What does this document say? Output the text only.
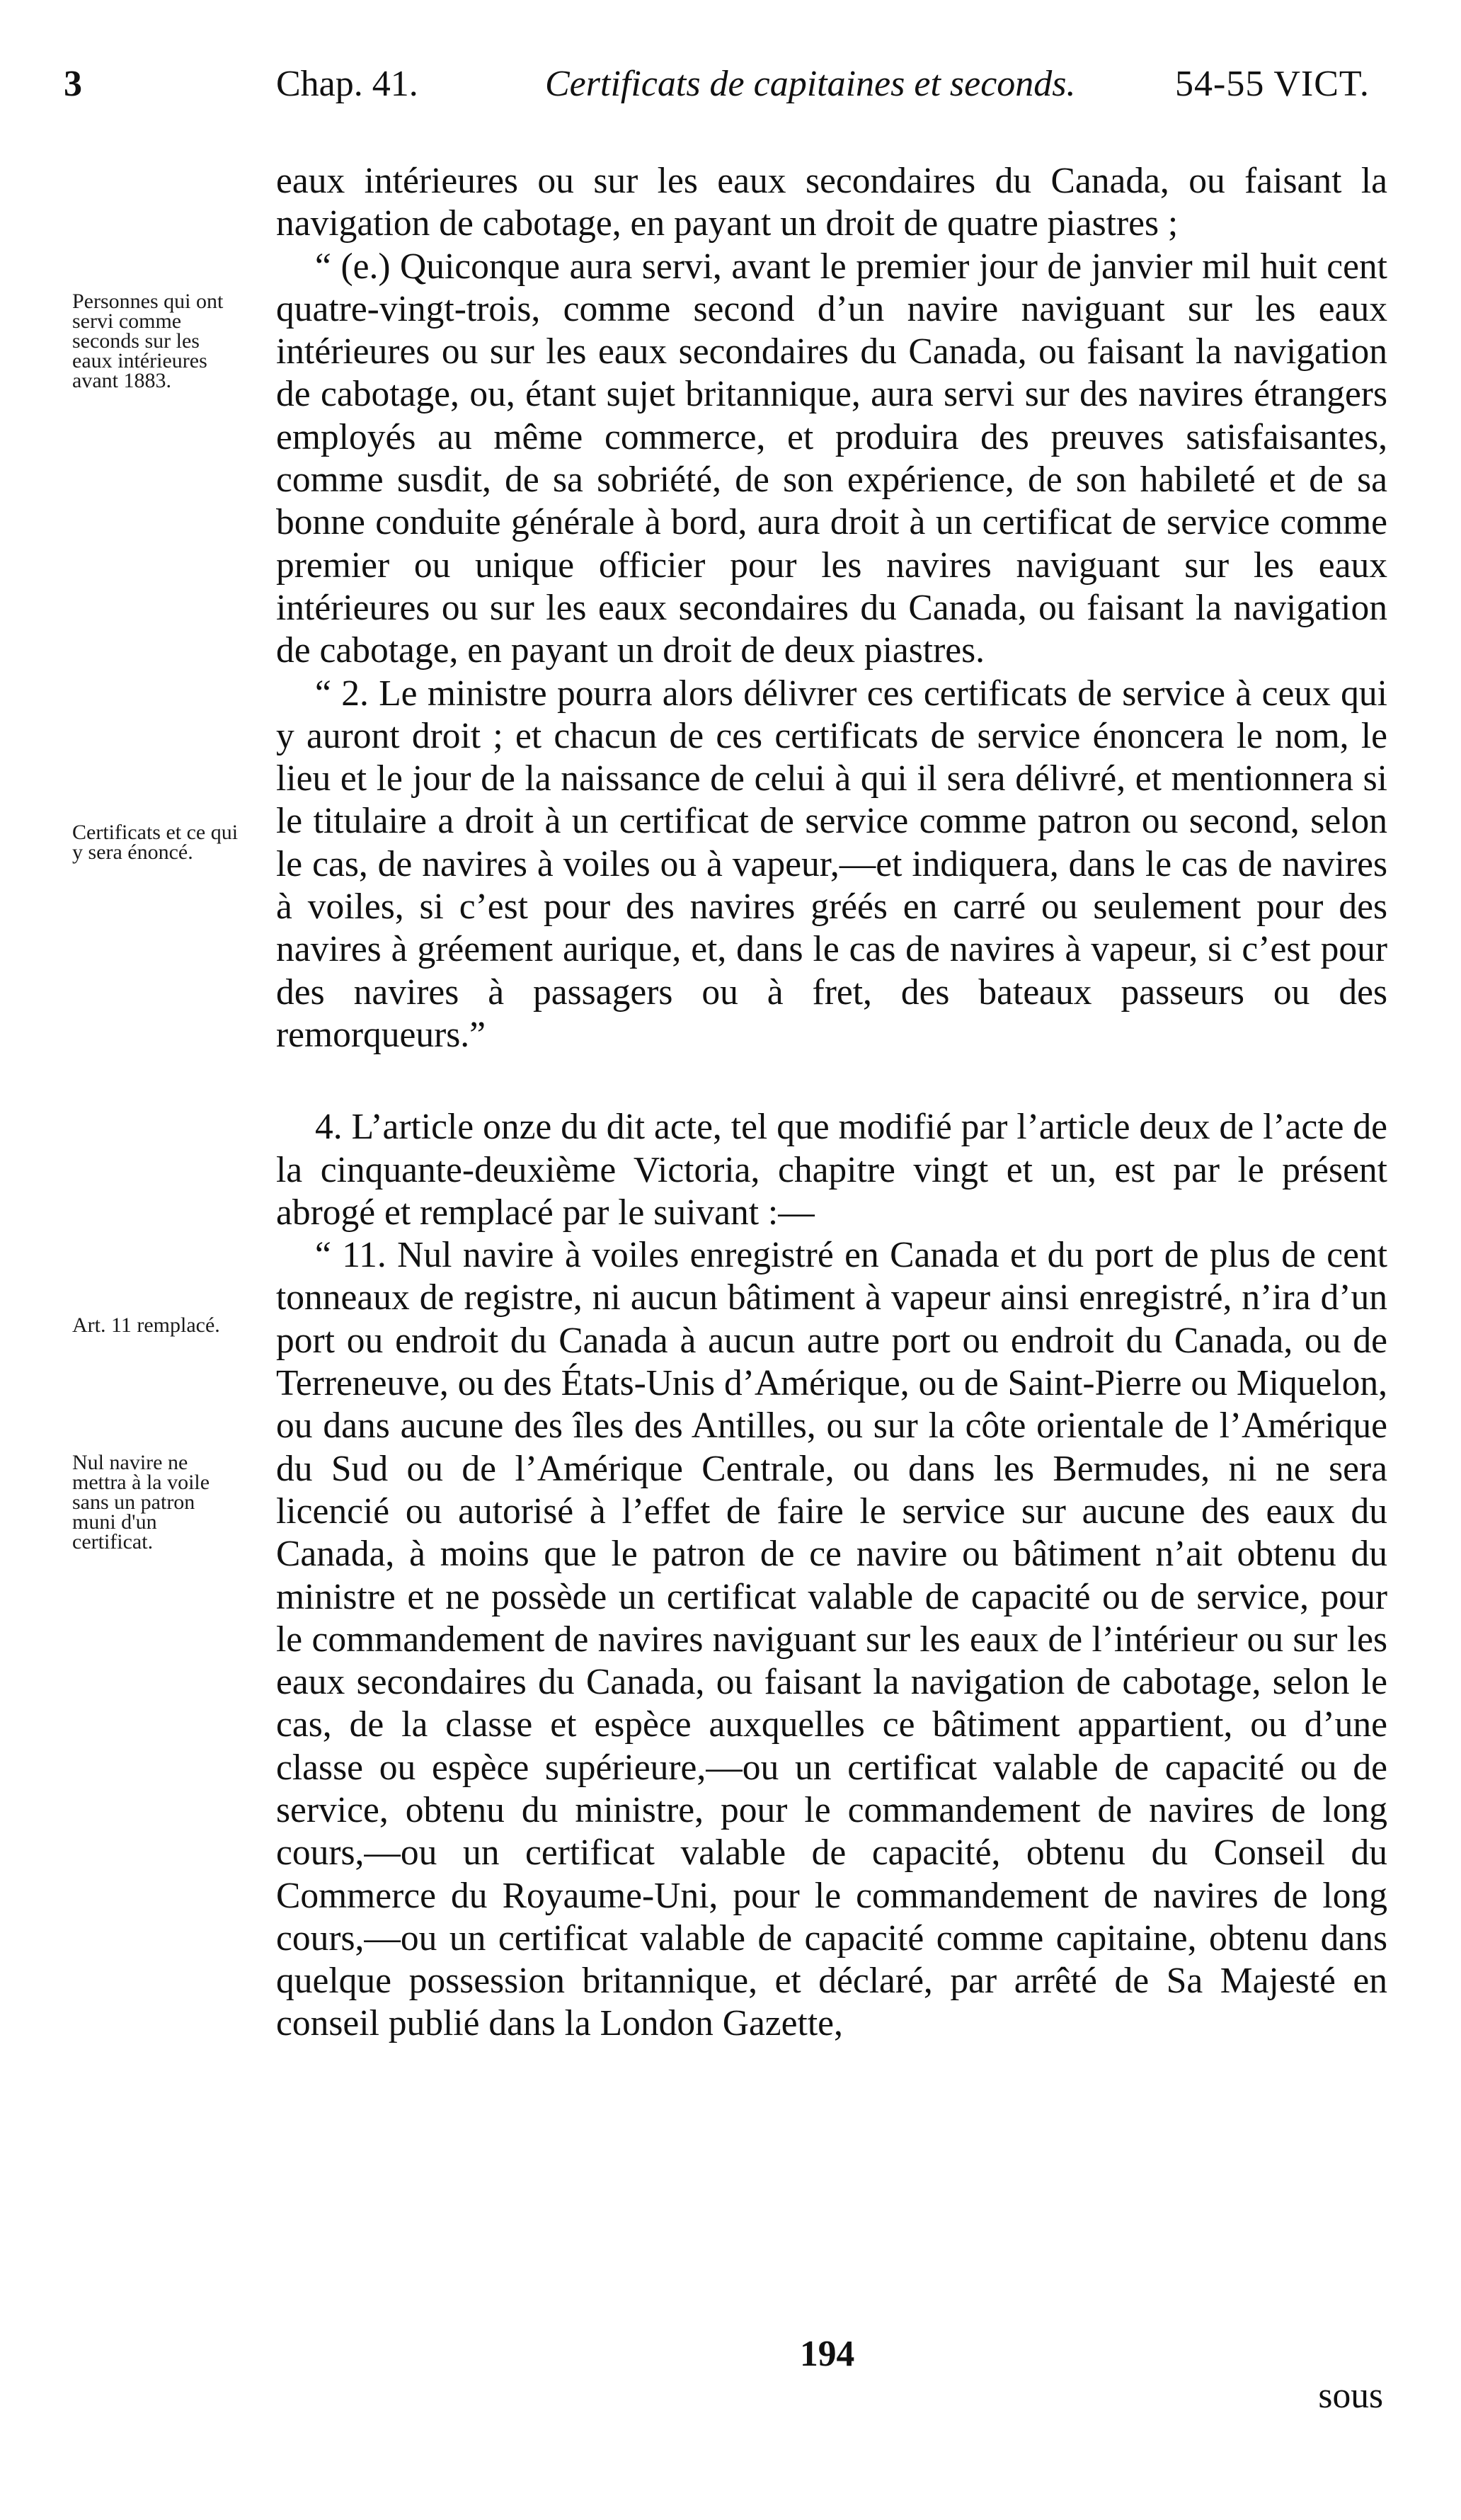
3	Chap. 41.	Certificats de capitaines et seconds.	54-55 VICT.

Personnes qui ont servi comme seconds sur les eaux intérieures avant 1883.

Certificats et ce qui y sera énoncé.

Art. 11 remplacé.

Nul navire ne mettra à la voile sans un patron muni d'un certificat.

eaux intérieures ou sur les eaux secondaires du Canada, ou faisant la navigation de cabotage, en payant un droit de quatre piastres ;

“ (e.) Quiconque aura servi, avant le premier jour de janvier mil huit cent quatre-vingt-trois, comme second d’un navire naviguant sur les eaux intérieures ou sur les eaux secondaires du Canada, ou faisant la navigation de cabotage, ou, étant sujet britannique, aura servi sur des navires étrangers employés au même commerce, et produira des preuves satisfaisantes, comme susdit, de sa sobriété, de son expérience, de son habileté et de sa bonne conduite générale à bord, aura droit à un certificat de service comme premier ou unique officier pour les navires naviguant sur les eaux intérieures ou sur les eaux secondaires du Canada, ou faisant la navigation de cabotage, en payant un droit de deux piastres.

“ 2. Le ministre pourra alors délivrer ces certificats de service à ceux qui y auront droit ; et chacun de ces certificats de service énoncera le nom, le lieu et le jour de la naissance de celui à qui il sera délivré, et mentionnera si le titulaire a droit à un certificat de service comme patron ou second, selon le cas, de navires à voiles ou à vapeur,—et indiquera, dans le cas de navires à voiles, si c’est pour des navires gréés en carré ou seulement pour des navires à gréement aurique, et, dans le cas de navires à vapeur, si c’est pour des navires à passagers ou à fret, des bateaux passeurs ou des remorqueurs.”

4. L’article onze du dit acte, tel que modifié par l’article deux de l’acte de la cinquante-deuxième Victoria, chapitre vingt et un, est par le présent abrogé et remplacé par le suivant :—

“ 11. Nul navire à voiles enregistré en Canada et du port de plus de cent tonneaux de registre, ni aucun bâtiment à vapeur ainsi enregistré, n’ira d’un port ou endroit du Canada à aucun autre port ou endroit du Canada, ou de Terreneuve, ou des États-Unis d’Amérique, ou de Saint-Pierre ou Miquelon, ou dans aucune des îles des Antilles, ou sur la côte orientale de l’Amérique du Sud ou de l’Amérique Centrale, ou dans les Bermudes, ni ne sera licencié ou autorisé à l’effet de faire le service sur aucune des eaux du Canada, à moins que le patron de ce navire ou bâtiment n’ait obtenu du ministre et ne possède un certificat valable de capacité ou de service, pour le commandement de navires naviguant sur les eaux de l’intérieur ou sur les eaux secondaires du Canada, ou faisant la navigation de cabotage, selon le cas, de la classe et espèce auxquelles ce bâtiment appartient, ou d’une classe ou espèce supérieure,—ou un certificat valable de capacité ou de service, obtenu du ministre, pour le commandement de navires de long cours,—ou un certificat valable de capacité, obtenu du Conseil du Commerce du Royaume-Uni, pour le commandement de navires de long cours,—ou un certificat valable de capacité comme capitaine, obtenu dans quelque possession britannique, et déclaré, par arrêté de Sa Majesté en conseil publié dans la London Gazette,

194
sous
